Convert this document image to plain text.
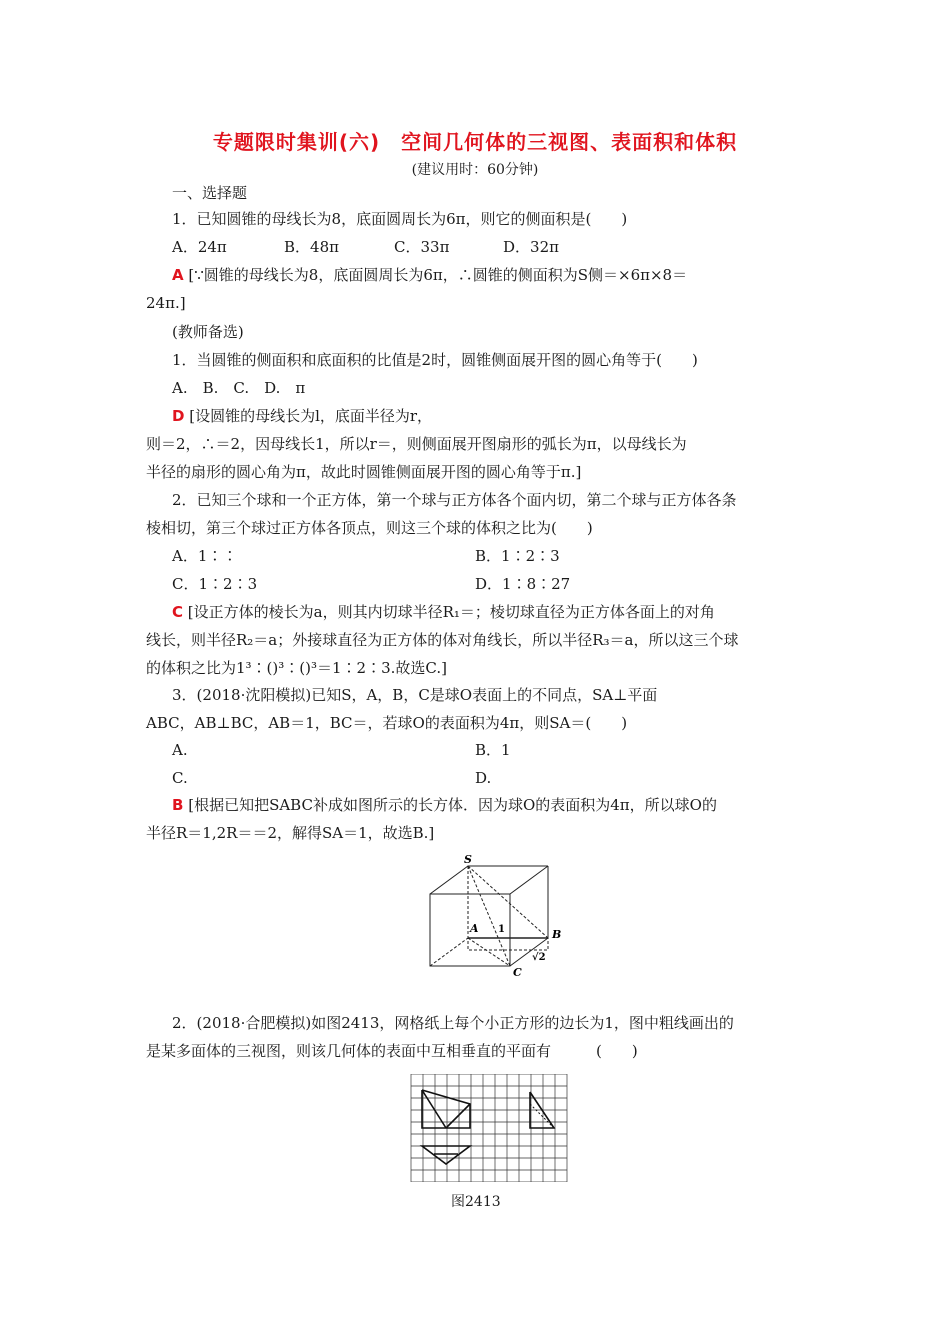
专题限时集训(六)　空间几何体的三视图、表面积和体积
(建议用时：60分钟)
一、选择题
1．已知圆锥的母线长为8，底面圆周长为6π，则它的侧面积是(　　)
A．24π	B．48π	C．33π	D．32π
A [∵圆锥的母线长为8，底面圆周长为6π，∴圆锥的侧面积为S侧＝×6π×8＝
24π.]
(教师备选)
1．当圆锥的侧面积和底面积的比值是2时，圆锥侧面展开图的圆心角等于(　　)
A.　B.　C.　D.　π
D [设圆锥的母线长为l，底面半径为r，
则＝2，∴＝2，因母线长1，所以r＝，则侧面展开图扇形的弧长为π，以母线长为
半径的扇形的圆心角为π，故此时圆锥侧面展开图的圆心角等于π.]
2．已知三个球和一个正方体，第一个球与正方体各个面内切，第二个球与正方体各条
棱相切，第三个球过正方体各顶点，则这三个球的体积之比为(　　)
A．1∶∶	B．1∶2∶3
C．1∶2∶3	D．1∶8∶27
C [设正方体的棱长为a，则其内切球半径R₁＝；棱切球直径为正方体各面上的对角
线长，则半径R₂＝a；外接球直径为正方体的体对角线长，所以半径R₃＝a，所以这三个球
的体积之比为1³∶()³∶()³＝1∶2∶3.故选C.]
3．(2018·沈阳模拟)已知S，A，B，C是球O表面上的不同点，SA⊥平面
ABC，AB⊥BC，AB＝1，BC＝，若球O的表面积为4π，则SA＝(　　)
A.	B．1
C.	D.
B [根据已知把SABC补成如图所示的长方体．因为球O的表面积为4π，所以球O的
半径R＝1,2R＝＝2，解得SA＝1，故选B.]
S
A	B
C
1
√2
2．(2018·合肥模拟)如图2413，网格纸上每个小正方形的边长为1，图中粗线画出的
是某多面体的三视图，则该几何体的表面中互相垂直的平面有　　　(　　)
图2413
